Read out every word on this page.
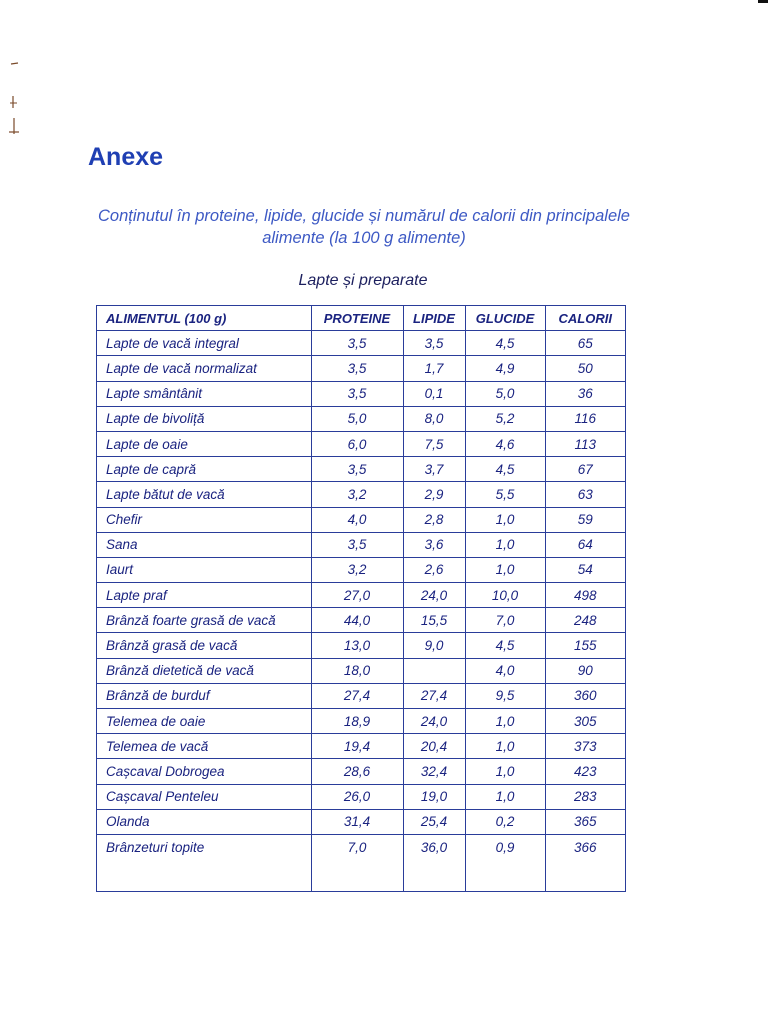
Anexe
Conținutul în proteine, lipide, glucide și numărul de calorii din principalele alimente (la 100 g alimente)
Lapte și preparate
ALIMENTUL (100 g)	PROTEINE	LIPIDE	GLUCIDE	CALORII
Lapte de vacă integral	3,5	3,5	4,5	65
Lapte de vacă normalizat	3,5	1,7	4,9	50
Lapte smântânit	3,5	0,1	5,0	36
Lapte de bivoliță	5,0	8,0	5,2	116
Lapte de oaie	6,0	7,5	4,6	113
Lapte de capră	3,5	3,7	4,5	67
Lapte bătut de vacă	3,2	2,9	5,5	63
Chefir	4,0	2,8	1,0	59
Sana	3,5	3,6	1,0	64
Iaurt	3,2	2,6	1,0	54
Lapte praf	27,0	24,0	10,0	498
Brânză foarte grasă de vacă	44,0	15,5	7,0	248
Brânză grasă de vacă	13,0	9,0	4,5	155
Brânză dietetică de vacă	18,0		4,0	90
Brânză de burduf	27,4	27,4	9,5	360
Telemea de oaie	18,9	24,0	1,0	305
Telemea de vacă	19,4	20,4	1,0	373
Cașcaval Dobrogea	28,6	32,4	1,0	423
Cașcaval Penteleu	26,0	19,0	1,0	283
Olanda	31,4	25,4	0,2	365
Brânzeturi topite	7,0	36,0	0,9	366
